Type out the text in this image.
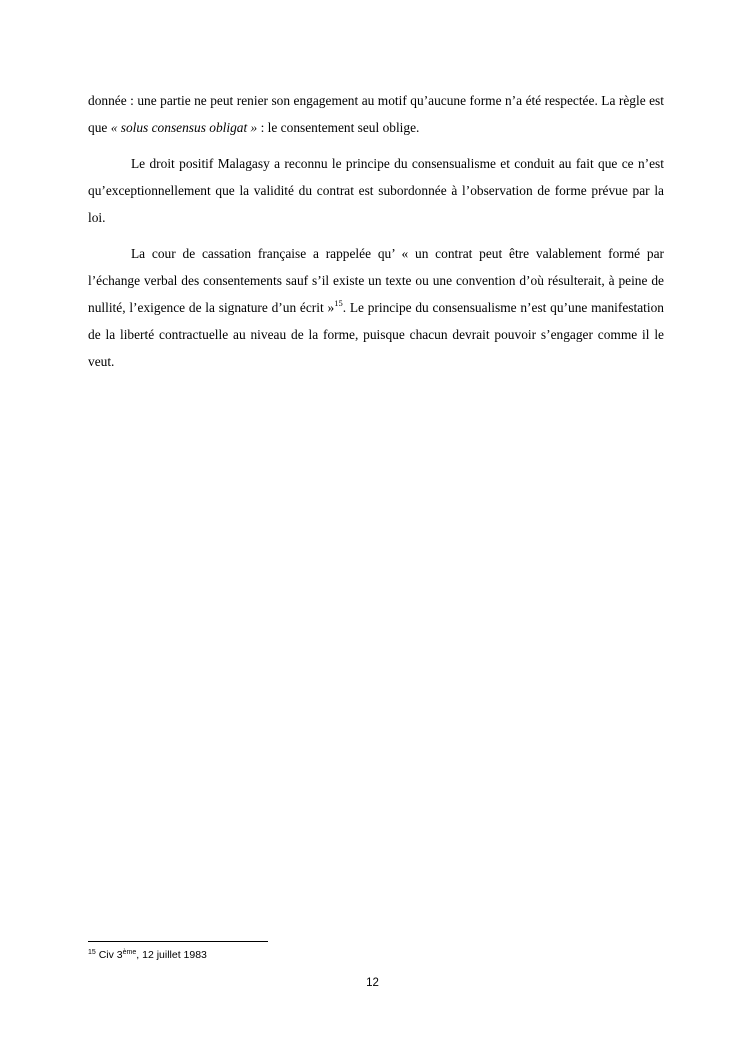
donnée : une partie ne peut renier son engagement au motif qu’aucune forme n’a été respectée. La règle est que « solus consensus obligat » : le consentement seul oblige.

Le droit positif Malagasy a reconnu le principe du consensualisme et conduit au fait que ce n’est qu’exceptionnellement que la validité du contrat est subordonnée à l’observation de forme prévue par la loi.

La cour de cassation française a rappelée qu’ « un contrat peut être valablement formé par l’échange verbal des consentements sauf s’il existe un texte ou une convention d’où résulterait, à peine de nullité, l’exigence de la signature d’un écrit »$^{15}$. Le principe du consensualisme n’est qu’une manifestation de la liberté contractuelle au niveau de la forme, puisque chacun devrait pouvoir s’engager comme il le veut.

$^{15}$ Civ 3ème, 12 juillet 1983
12
